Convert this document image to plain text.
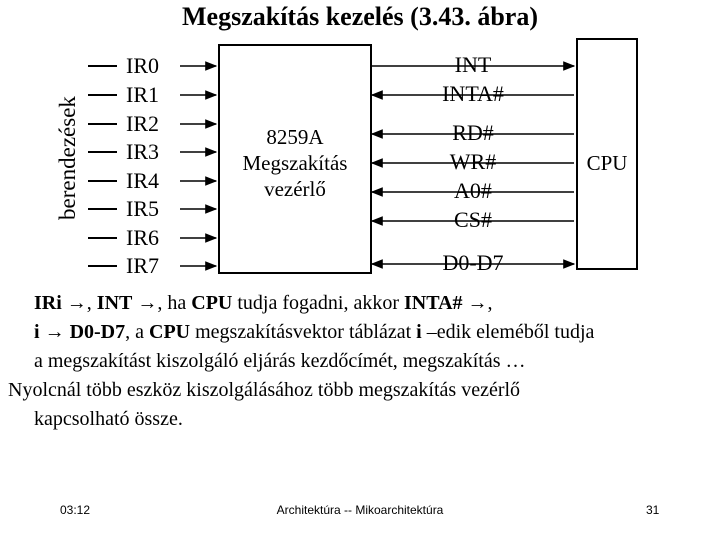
Megszakítás kezelés (3.43. ábra)
berendezések
IR0
IR1
IR2
IR3
IR4
IR5
IR6
IR7
8259A
Megszakítás
vezérlő
INT
INTA#
RD#
WR#
A0#
CS#
D0-D7
CPU
IRi →, INT →, ha CPU tudja fogadni, akkor INTA# →,
i → D0-D7, a CPU megszakításvektor táblázat i –edik eleméből tudja
a megszakítást kiszolgáló eljárás kezdőcímét, megszakítás …
Nyolcnál több eszköz kiszolgálásához több megszakítás vezérlő
kapcsolható össze.
03:12	Architektúra -- Mikoarchitektúra	31
